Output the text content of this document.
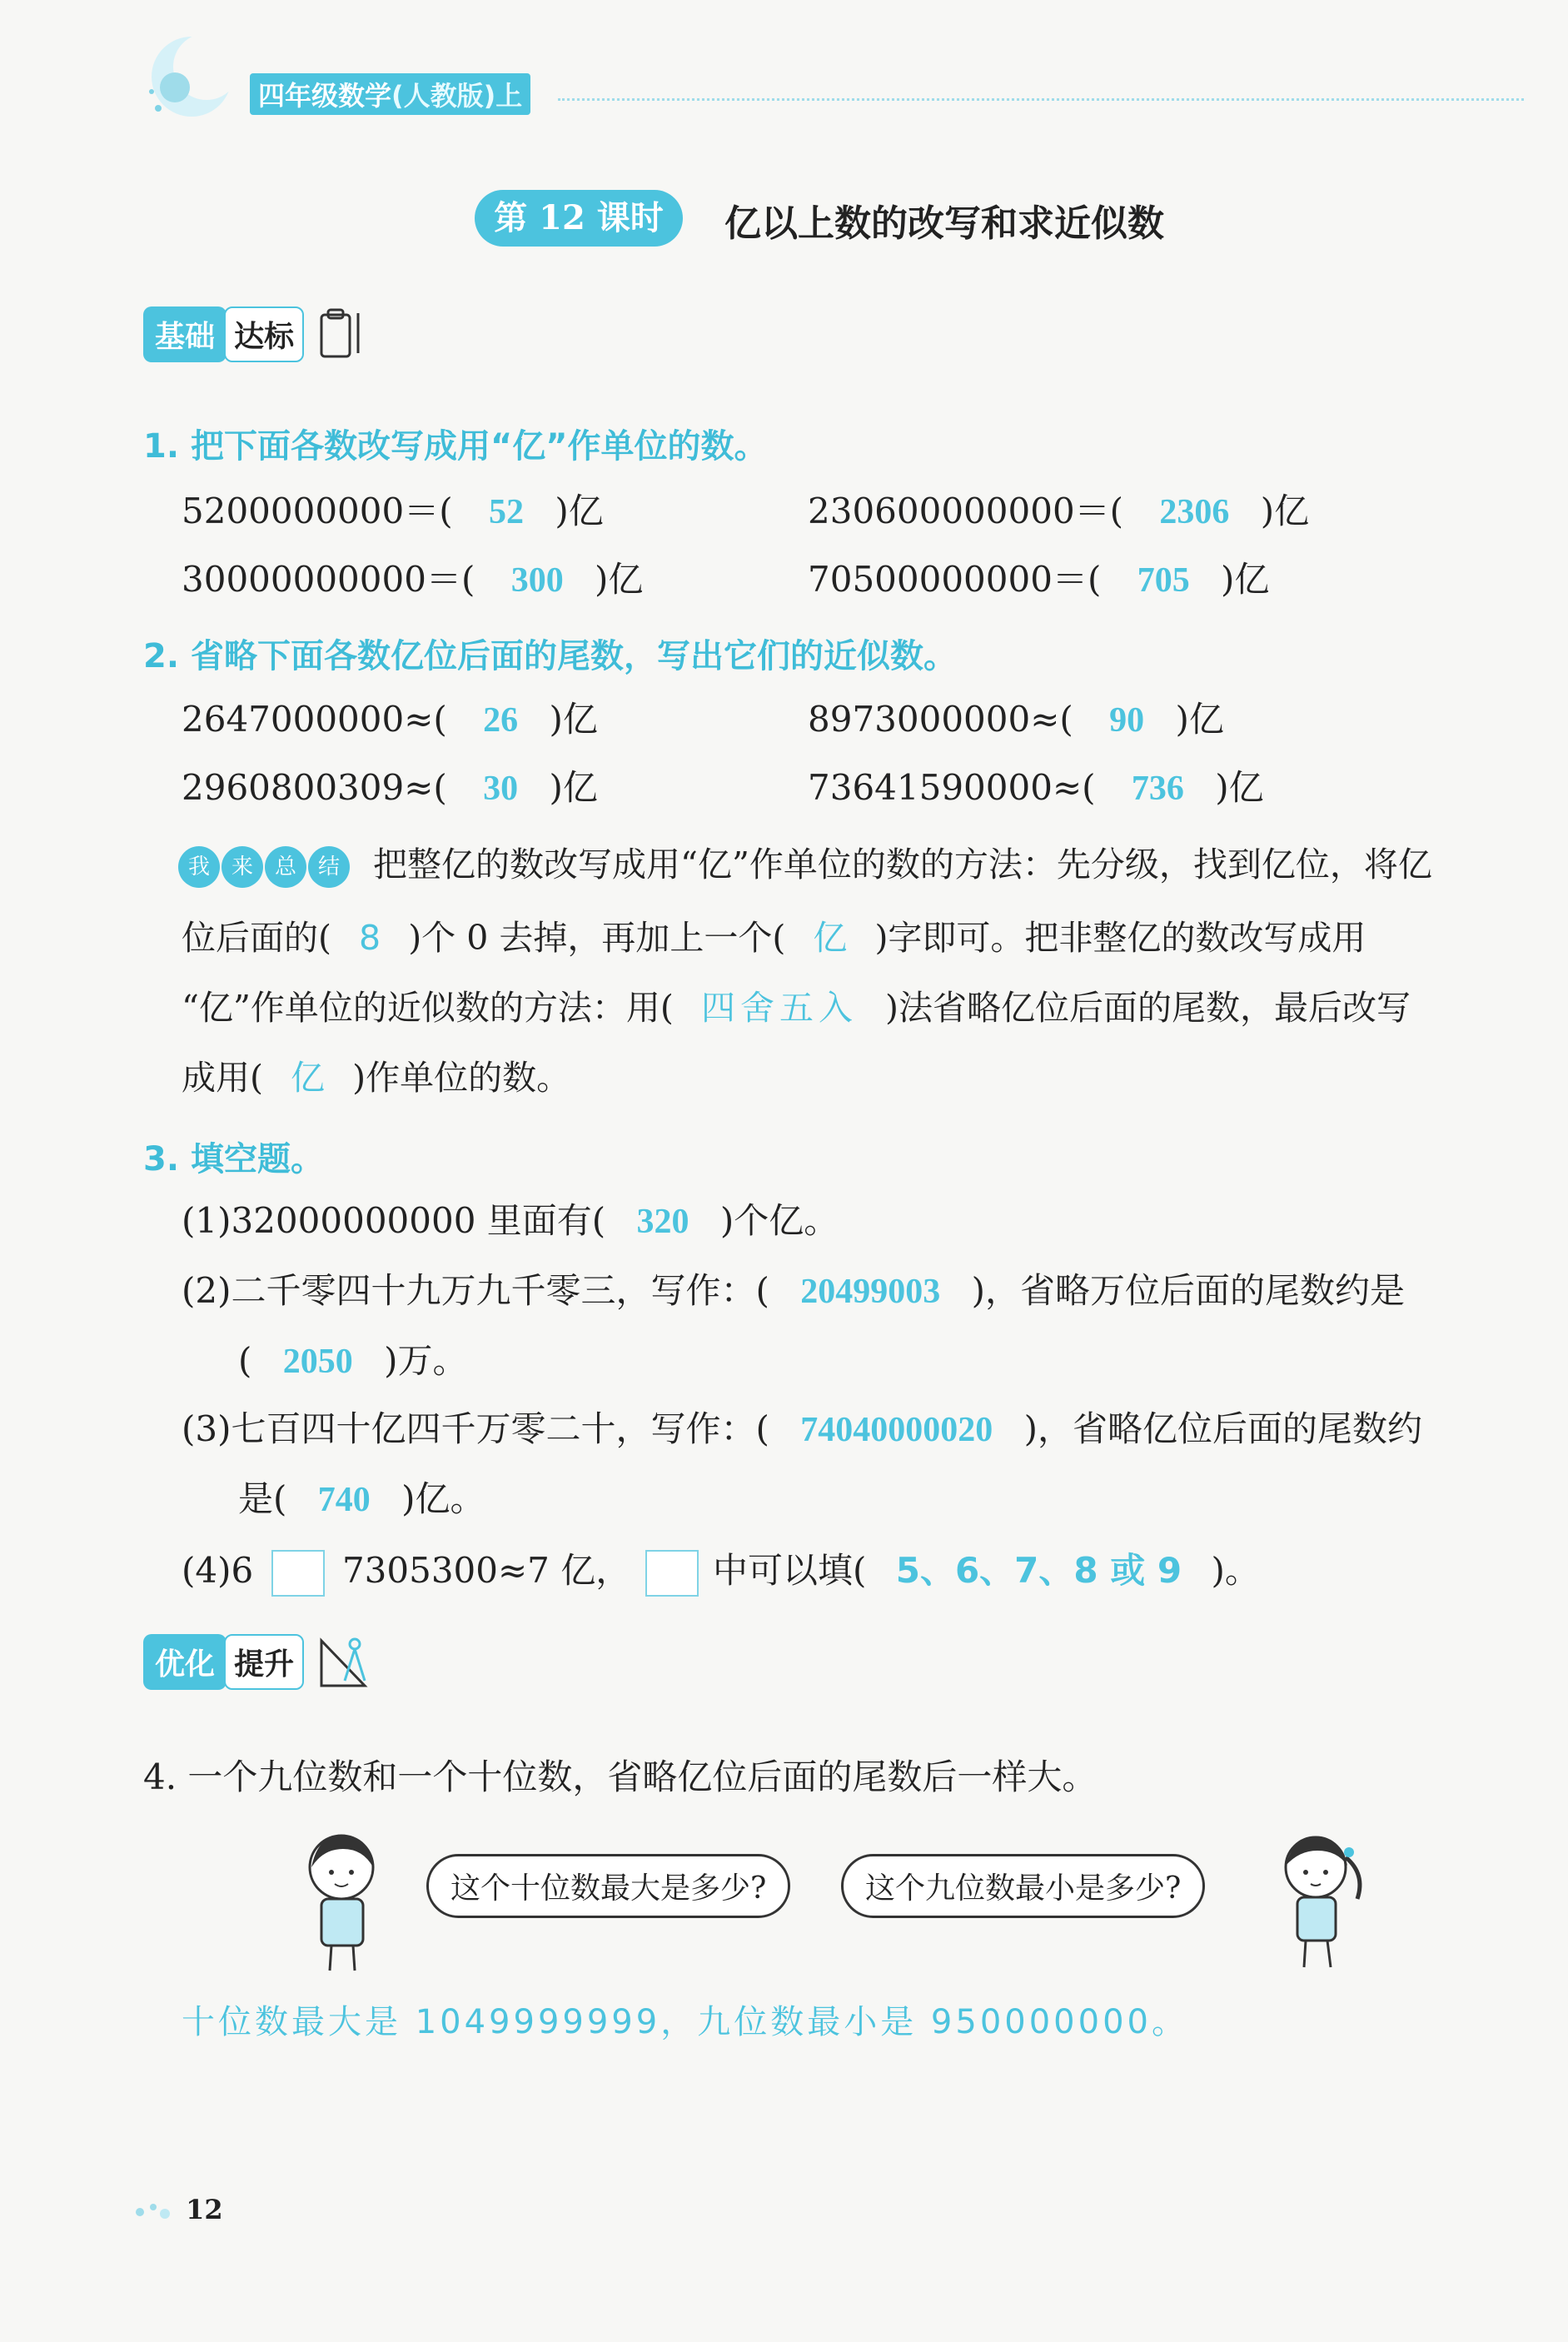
四年级数学(人教版)上
第 12 课时	亿以上数的改写和求近似数
基础 达标
1. 把下面各数改写成用“亿”作单位的数。
5200000000＝( 52 )亿	230600000000＝( 2306 )亿
30000000000＝( 300 )亿	70500000000＝( 705 )亿
2. 省略下面各数亿位后面的尾数，写出它们的近似数。
2647000000≈( 26 )亿	8973000000≈( 90 )亿
2960800309≈( 30 )亿	73641590000≈( 736 )亿
我 来 总 结 把整亿的数改写成用“亿”作单位的数的方法：先分级，找到亿位，将亿
位后面的( 8 )个 0 去掉，再加上一个( 亿 )字即可。把非整亿的数改写成用
“亿”作单位的近似数的方法：用( 四舍五入 )法省略亿位后面的尾数，最后改写
成用( 亿 )作单位的数。
3. 填空题。
(1)32000000000 里面有( 320 )个亿。
(2)二千零四十九万九千零三，写作：( 20499003 )，省略万位后面的尾数约是
( 2050 )万。
(3)七百四十亿四千万零二十，写作：( 74040000020 )，省略亿位后面的尾数约
是( 740 )亿。
(4)6	7305300≈7 亿， 中可以填( 5、6、7、8 或 9 )。
优化 提升
4. 一个九位数和一个十位数，省略亿位后面的尾数后一样大。
这个十位数最大是多少?	这个九位数最小是多少?
十位数最大是 1049999999，九位数最小是 950000000。
12
